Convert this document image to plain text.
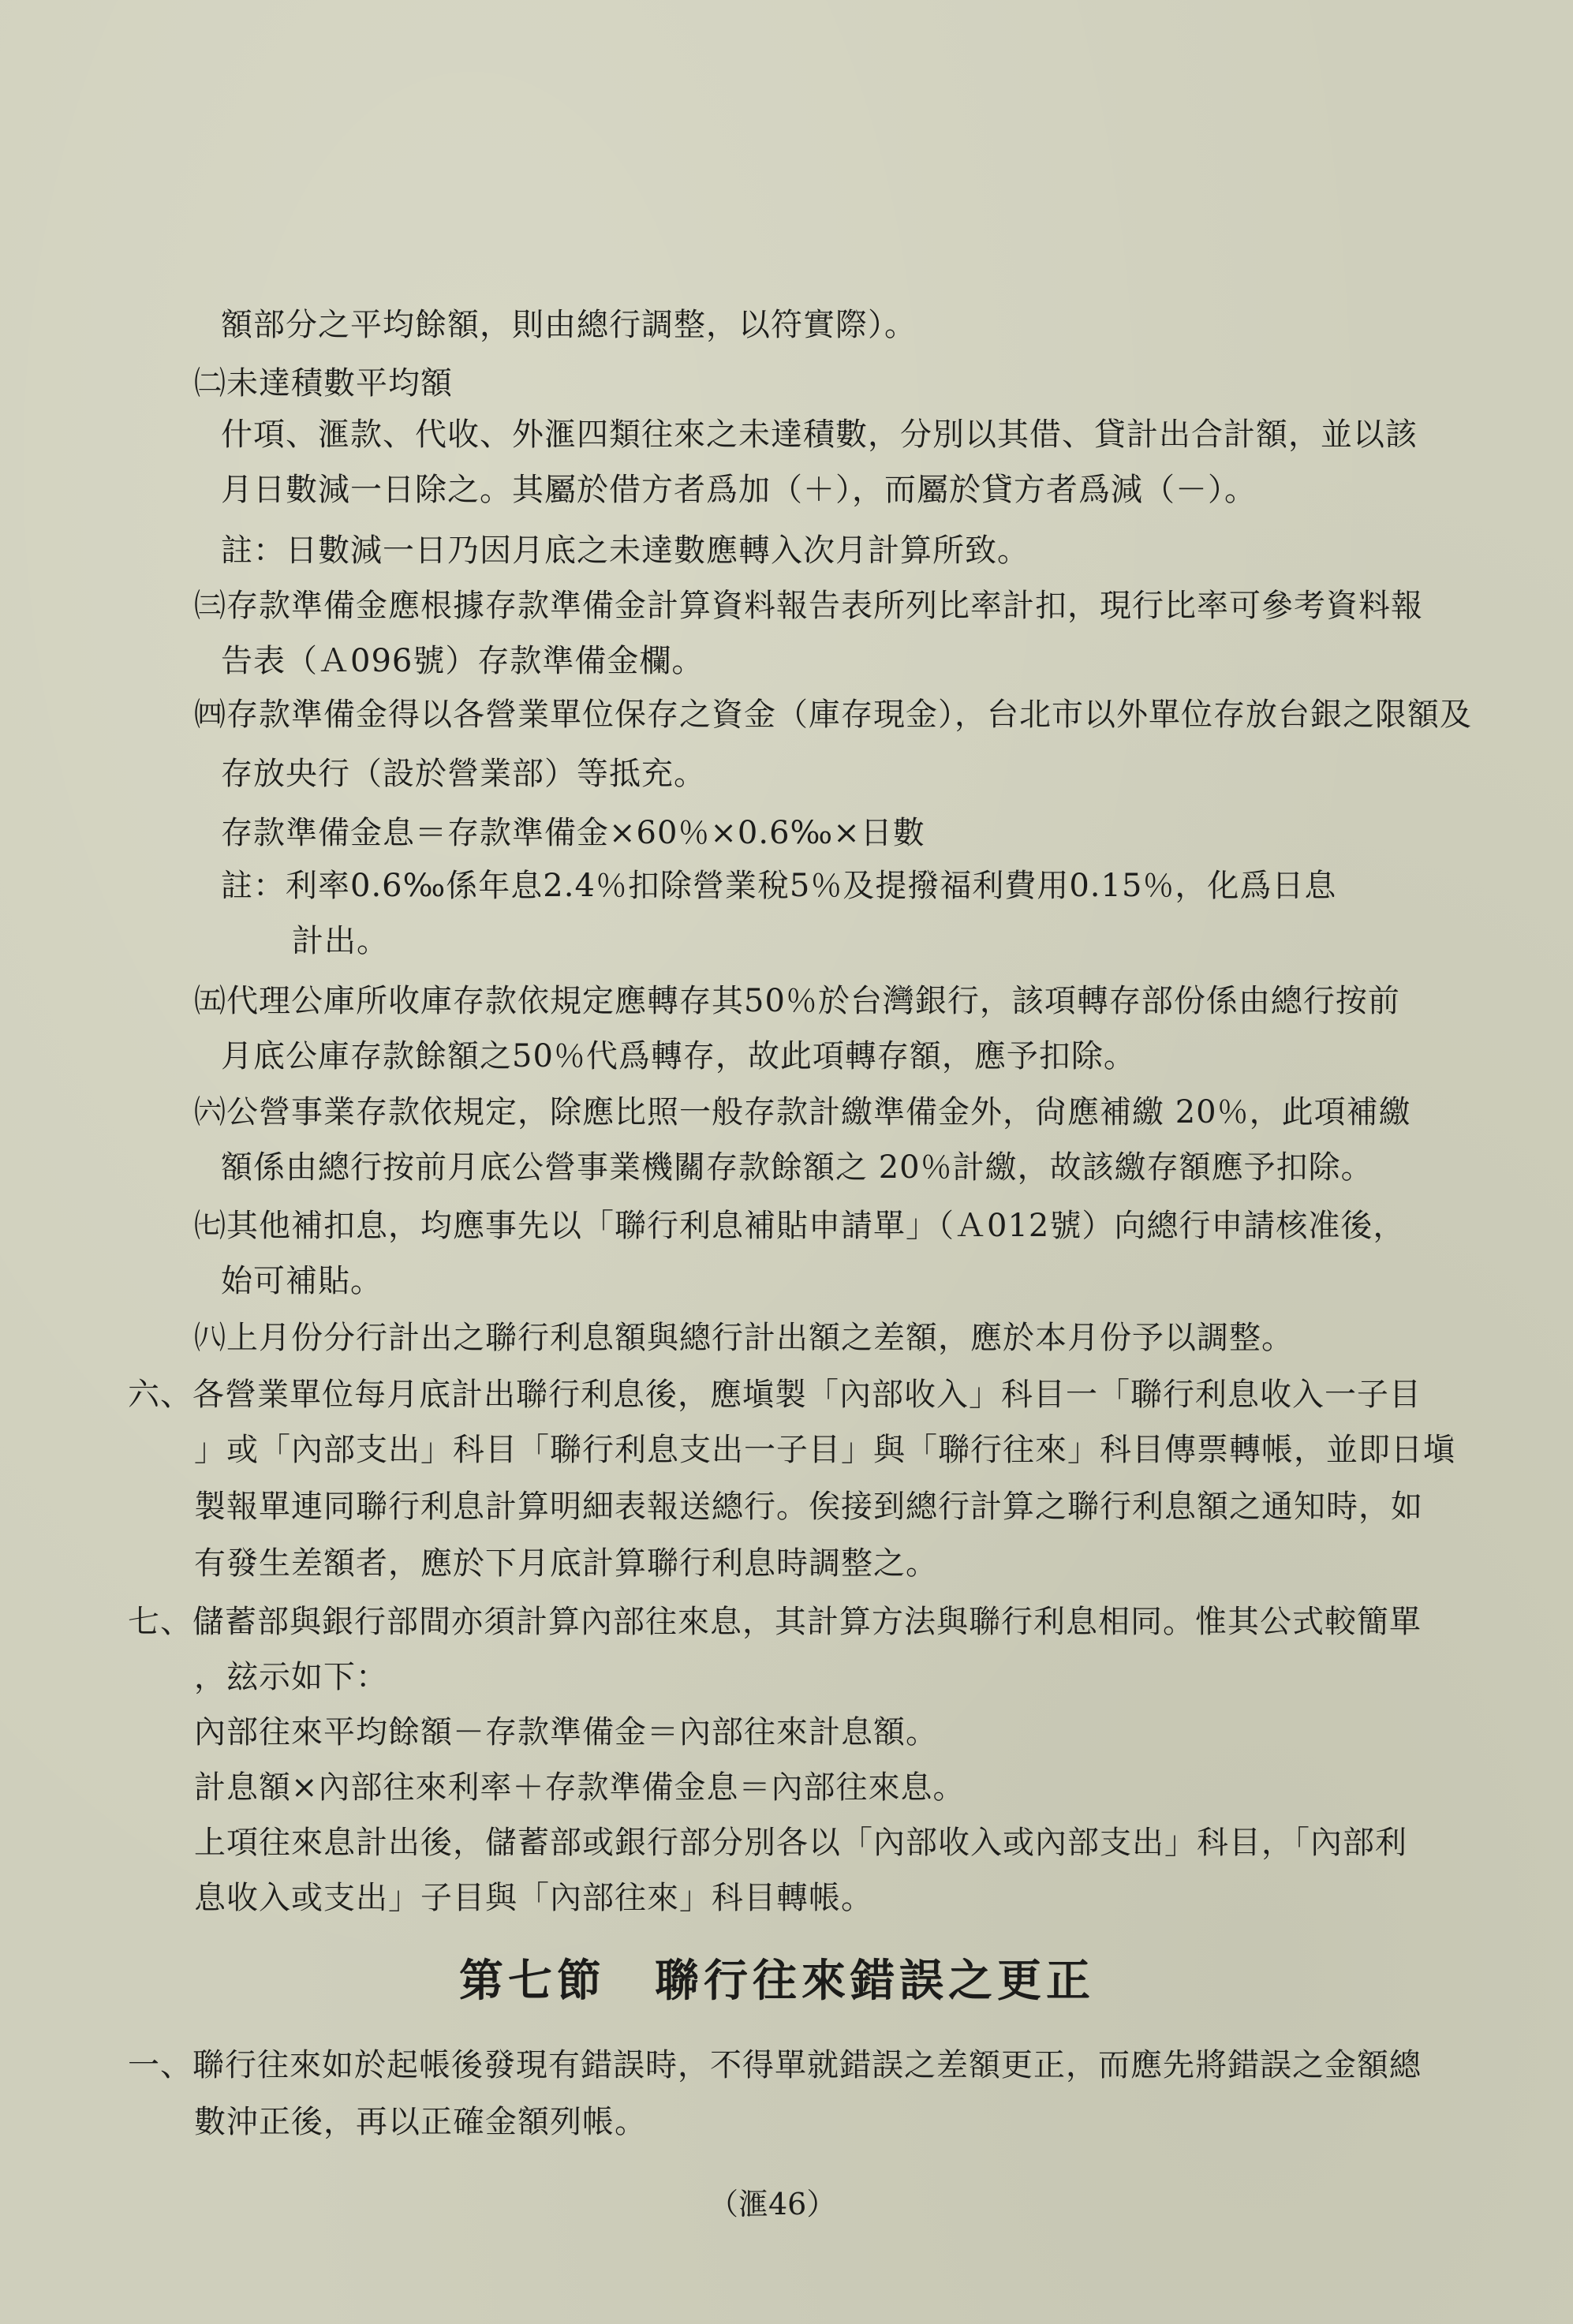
額部分之平均餘額，則由總行調整，以符實際）。
㈡未達積數平均額
什項、滙款、代收、外滙四類往來之未達積數，分別以其借、貸計出合計額，並以該
月日數減一日除之。其屬於借方者爲加（＋），而屬於貸方者爲減（－）。
註：日數減一日乃因月底之未達數應轉入次月計算所致。
㈢存款準備金應根據存款準備金計算資料報告表所列比率計扣，現行比率可參考資料報
告表（Ａ096號）存款準備金欄。
㈣存款準備金得以各營業單位保存之資金（庫存現金），台北市以外單位存放台銀之限額及
存放央行（設於營業部）等抵充。
存款準備金息＝存款準備金×60％×0.6‰×日數
註：利率0.6‰係年息2.4％扣除營業稅5％及提撥福利費用0.15％，化爲日息
計出。
㈤代理公庫所收庫存款依規定應轉存其50％於台灣銀行，該項轉存部份係由總行按前
月底公庫存款餘額之50％代爲轉存，故此項轉存額，應予扣除。
㈥公營事業存款依規定，除應比照一般存款計繳準備金外，尙應補繳 20％，此項補繳
額係由總行按前月底公營事業機關存款餘額之 20％計繳，故該繳存額應予扣除。
㈦其他補扣息，均應事先以「聯行利息補貼申請單」（Ａ012號）向總行申請核准後，
始可補貼。
㈧上月份分行計出之聯行利息額與總行計出額之差額，應於本月份予以調整。
六、各營業單位每月底計出聯行利息後，應塡製「內部收入」科目一「聯行利息收入一子目
」或「內部支出」科目「聯行利息支出一子目」與「聯行往來」科目傳票轉帳，並即日塡
製報單連同聯行利息計算明細表報送總行。俟接到總行計算之聯行利息額之通知時，如
有發生差額者，應於下月底計算聯行利息時調整之。
七、儲蓄部與銀行部間亦須計算內部往來息，其計算方法與聯行利息相同。惟其公式較簡單
，玆示如下：
內部往來平均餘額－存款準備金＝內部往來計息額。
計息額×內部往來利率＋存款準備金息＝內部往來息。
上項往來息計出後，儲蓄部或銀行部分別各以「內部收入或內部支出」科目，「內部利
息收入或支出」子目與「內部往來」科目轉帳。
第七節　聯行往來錯誤之更正
一、聯行往來如於起帳後發現有錯誤時，不得單就錯誤之差額更正，而應先將錯誤之金額總
數沖正後，再以正確金額列帳。
（滙46）
